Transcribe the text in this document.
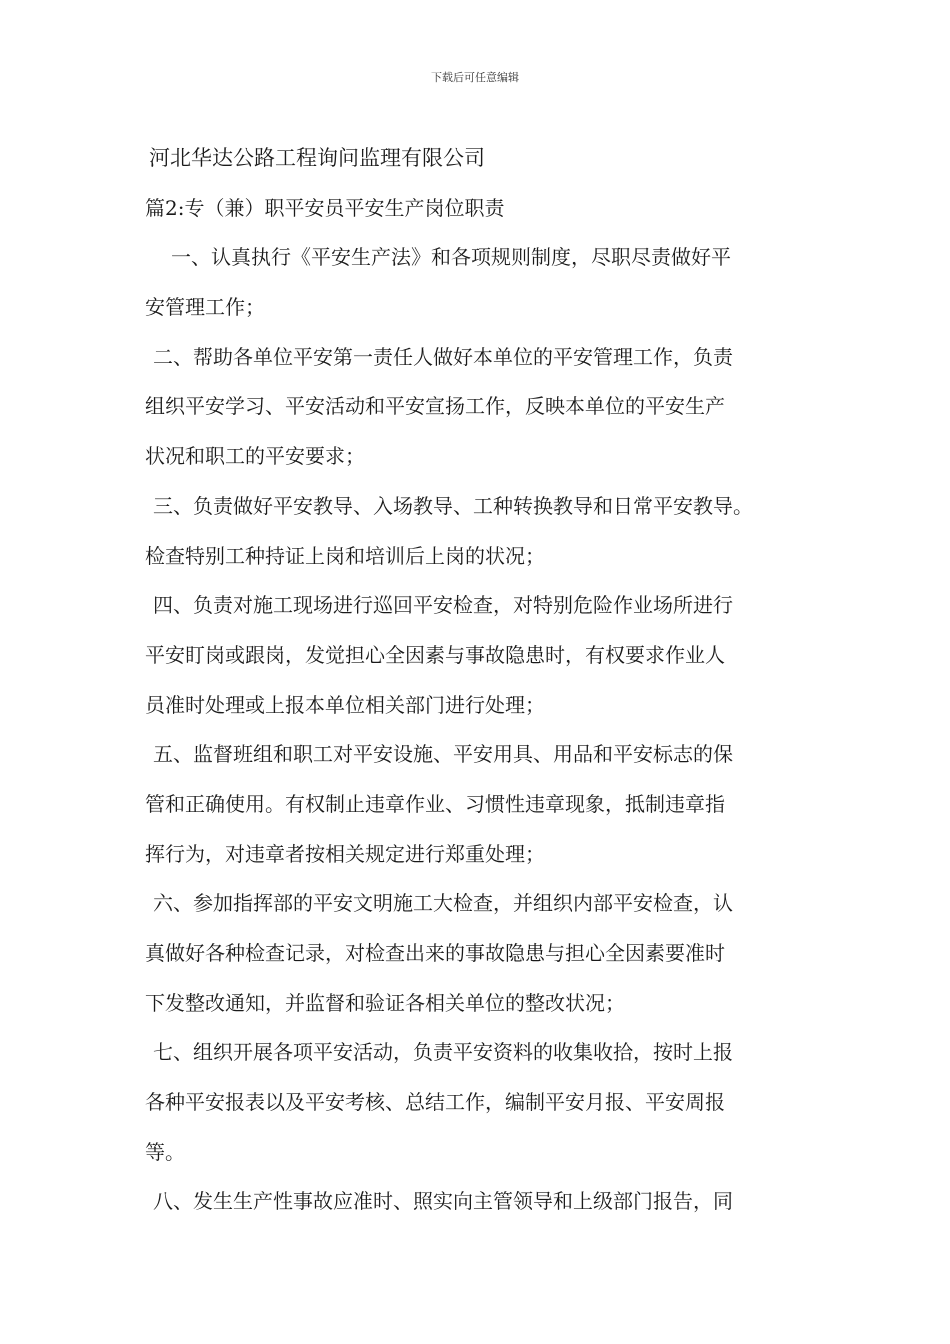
下载后可任意编辑
河北华达公路工程询问监理有限公司
篇2:专（兼）职平安员平安生产岗位职责
一、认真执行《平安生产法》和各项规则制度，尽职尽责做好平
安管理工作；
二、帮助各单位平安第一责任人做好本单位的平安管理工作，负责
组织平安学习、平安活动和平安宣扬工作，反映本单位的平安生产
状况和职工的平安要求；
三、负责做好平安教导、入场教导、工种转换教导和日常平安教导。
检查特别工种持证上岗和培训后上岗的状况；
四、负责对施工现场进行巡回平安检查，对特别危险作业场所进行
平安盯岗或跟岗，发觉担心全因素与事故隐患时，有权要求作业人
员准时处理或上报本单位相关部门进行处理；
五、监督班组和职工对平安设施、平安用具、用品和平安标志的保
管和正确使用。有权制止违章作业、习惯性违章现象，抵制违章指
挥行为，对违章者按相关规定进行郑重处理；
六、参加指挥部的平安文明施工大检查，并组织内部平安检查，认
真做好各种检查记录，对检查出来的事故隐患与担心全因素要准时
下发整改通知，并监督和验证各相关单位的整改状况；
七、组织开展各项平安活动，负责平安资料的收集收拾，按时上报
各种平安报表以及平安考核、总结工作，编制平安月报、平安周报
等。
八、发生生产性事故应准时、照实向主管领导和上级部门报告，同
